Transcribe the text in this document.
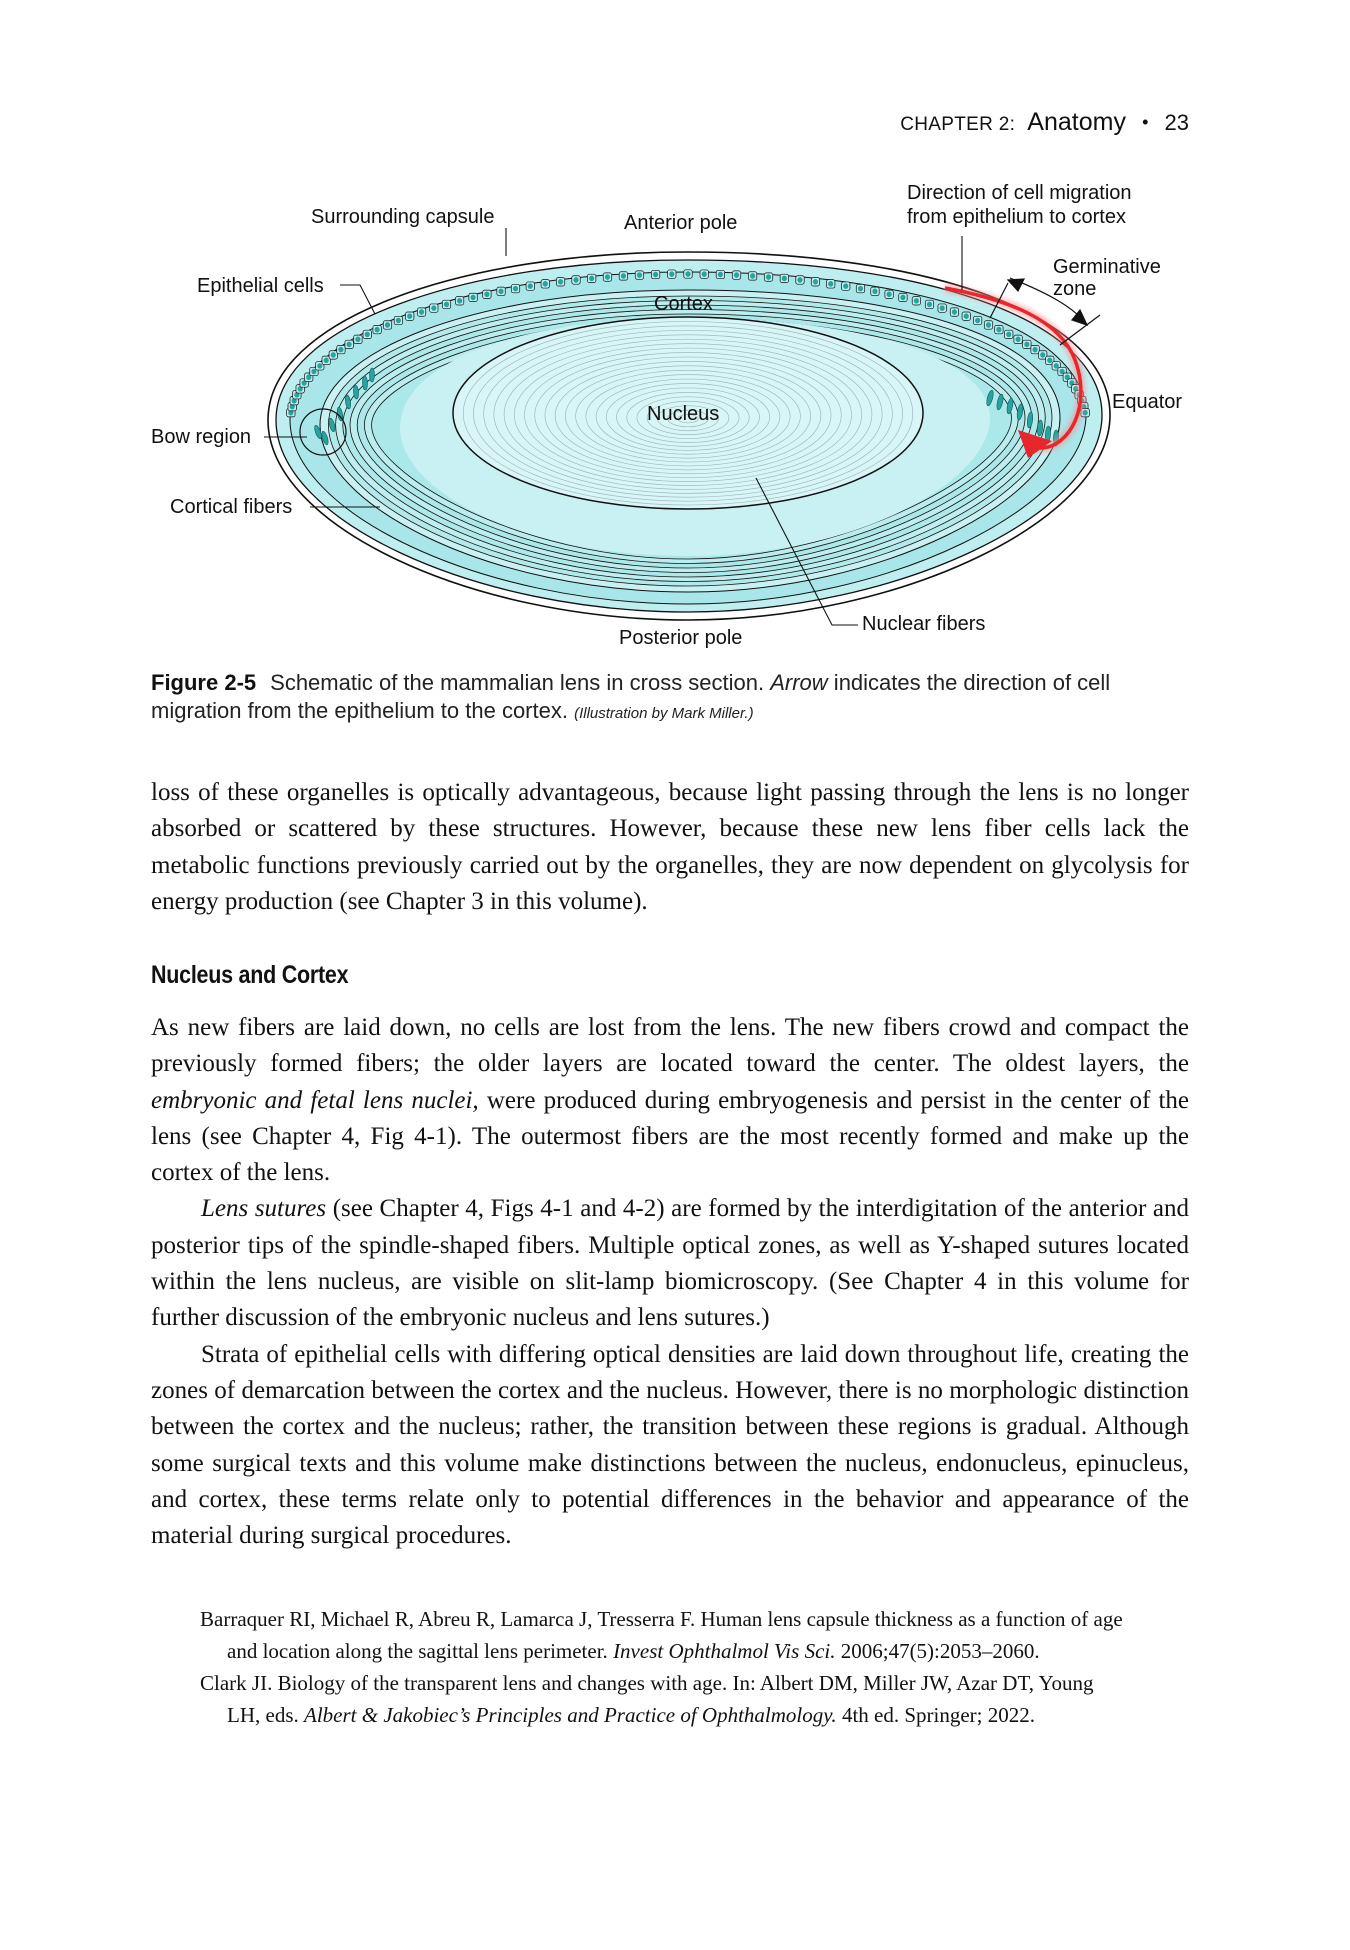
CHAPTER 2: Anatomy • 23
Surrounding capsule	Anterior pole
Direction of cell migration
from epithelium to cortex
Germinative
zone
Epithelial cells
Cortex
Nucleus
Equator
Bow region
Cortical fibers
Posterior pole
Nuclear fibers
Figure 2-5 Schematic of the mammalian lens in cross section. Arrow indicates the direction of cell migration from the epithelium to the cortex. (Illustration by Mark Miller.)

loss of these organelles is optically advantageous, because light passing through the lens is no longer absorbed or scattered by these structures. However, because these new lens fiber cells lack the metabolic functions previously carried out by the organelles, they are now dependent on glycolysis for energy production (see Chapter 3 in this volume).

Nucleus and Cortex

As new fibers are laid down, no cells are lost from the lens. The new fibers crowd and compact the previously formed fibers; the older layers are located toward the center. The oldest layers, the embryonic and fetal lens nuclei, were produced during embryogenesis and persist in the center of the lens (see Chapter 4, Fig 4-1). The outermost fibers are the most recently formed and make up the cortex of the lens.

Lens sutures (see Chapter 4, Figs 4-1 and 4-2) are formed by the interdigitation of the anterior and posterior tips of the spindle-shaped fibers. Multiple optical zones, as well as Y-shaped sutures located within the lens nucleus, are visible on slit-lamp biomicroscopy. (See Chapter 4 in this volume for further discussion of the embryonic nucleus and lens sutures.)

Strata of epithelial cells with differing optical densities are laid down throughout life, creating the zones of demarcation between the cortex and the nucleus. However, there is no morphologic distinction between the cortex and the nucleus; rather, the transition between these regions is gradual. Although some surgical texts and this volume make distinctions between the nucleus, endonucleus, epinucleus, and cortex, these terms relate only to potential differences in the behavior and appearance of the material during surgical procedures.

Barraquer RI, Michael R, Abreu R, Lamarca J, Tresserra F. Human lens capsule thickness as a function of age and location along the sagittal lens perimeter. Invest Ophthalmol Vis Sci. 2006;47(5):2053–2060.

Clark JI. Biology of the transparent lens and changes with age. In: Albert DM, Miller JW, Azar DT, Young LH, eds. Albert & Jakobiec’s Principles and Practice of Ophthalmology. 4th ed. Springer; 2022.
